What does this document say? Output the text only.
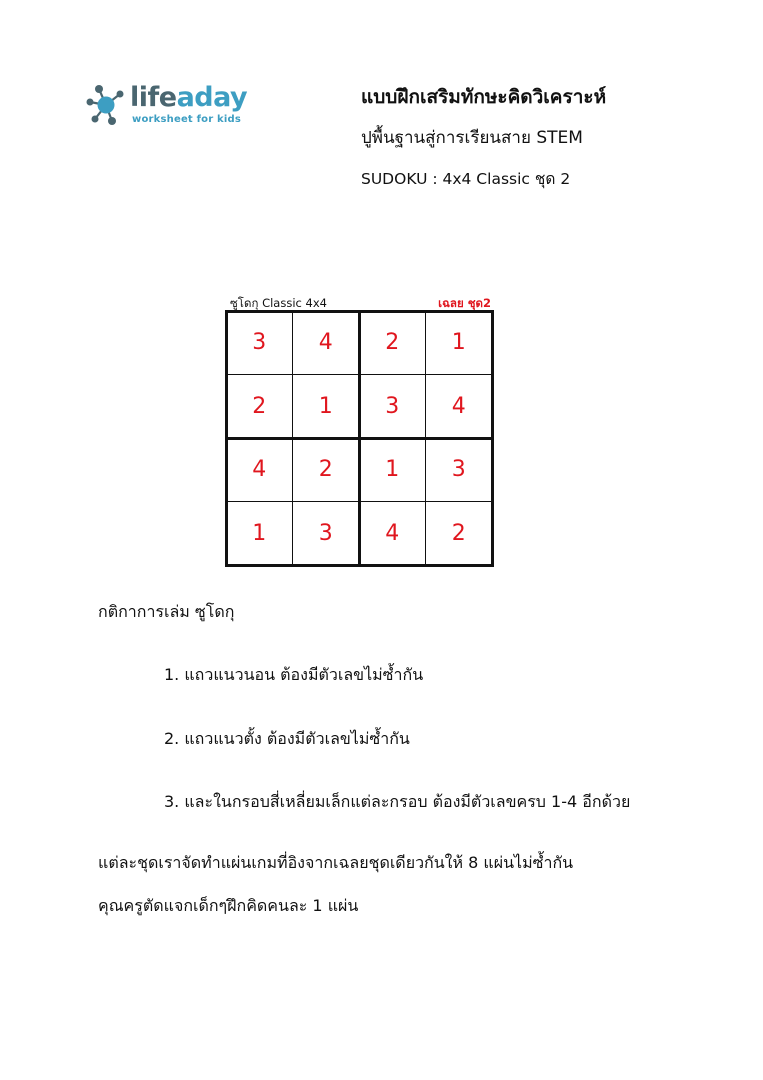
lifeaday
worksheet for kids
แบบฝึกเสริมทักษะคิดวิเคราะห์
ปูพื้นฐานสู่การเรียนสาย STEM
SUDOKU : 4x4 Classic ชุด 2
ซูโดกุ Classic 4x4	เฉลย ชุด2
3	4	2	1
2	1	3	4
4	2	1	3
1	3	4	2
กติกาการเล่ม ซูโดกุ
1. แถวแนวนอน ต้องมีตัวเลขไม่ซ้ำกัน
2. แถวแนวตั้ง ต้องมีตัวเลขไม่ซ้ำกัน
3. และในกรอบสี่เหลี่ยมเล็กแต่ละกรอบ ต้องมีตัวเลขครบ 1-4 อีกด้วย
แต่ละชุดเราจัดทำแผ่นเกมที่อิงจากเฉลยชุดเดียวกันให้ 8 แผ่นไม่ซ้ำกัน
คุณครูตัดแจกเด็กๆฝึกคิดคนละ 1 แผ่น
